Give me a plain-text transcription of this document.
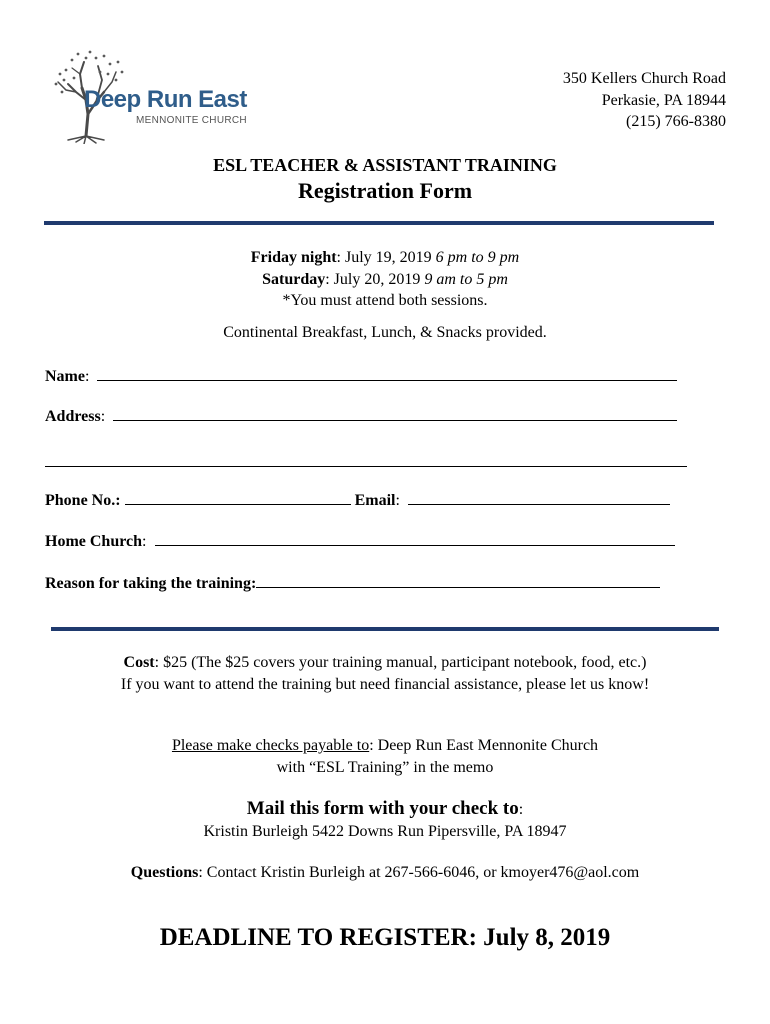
Deep Run East
MENNONITE CHURCH
350 Kellers Church Road
Perkasie, PA 18944
(215) 766-8380
ESL TEACHER & ASSISTANT TRAINING
Registration Form
Friday night: July 19, 2019 6 pm to 9 pm
Saturday: July 20, 2019 9 am to 5 pm
*You must attend both sessions.
Continental Breakfast, Lunch, & Snacks provided.
Name:
Address:
Phone No.:	Email:
Home Church:
Reason for taking the training:
Cost: $25 (The $25 covers your training manual, participant notebook, food, etc.)
If you want to attend the training but need financial assistance, please let us know!
Please make checks payable to: Deep Run East Mennonite Church
with “ESL Training” in the memo
Mail this form with your check to:
Kristin Burleigh 5422 Downs Run Pipersville, PA 18947
Questions: Contact Kristin Burleigh at 267-566-6046, or kmoyer476@aol.com
DEADLINE TO REGISTER: July 8, 2019
